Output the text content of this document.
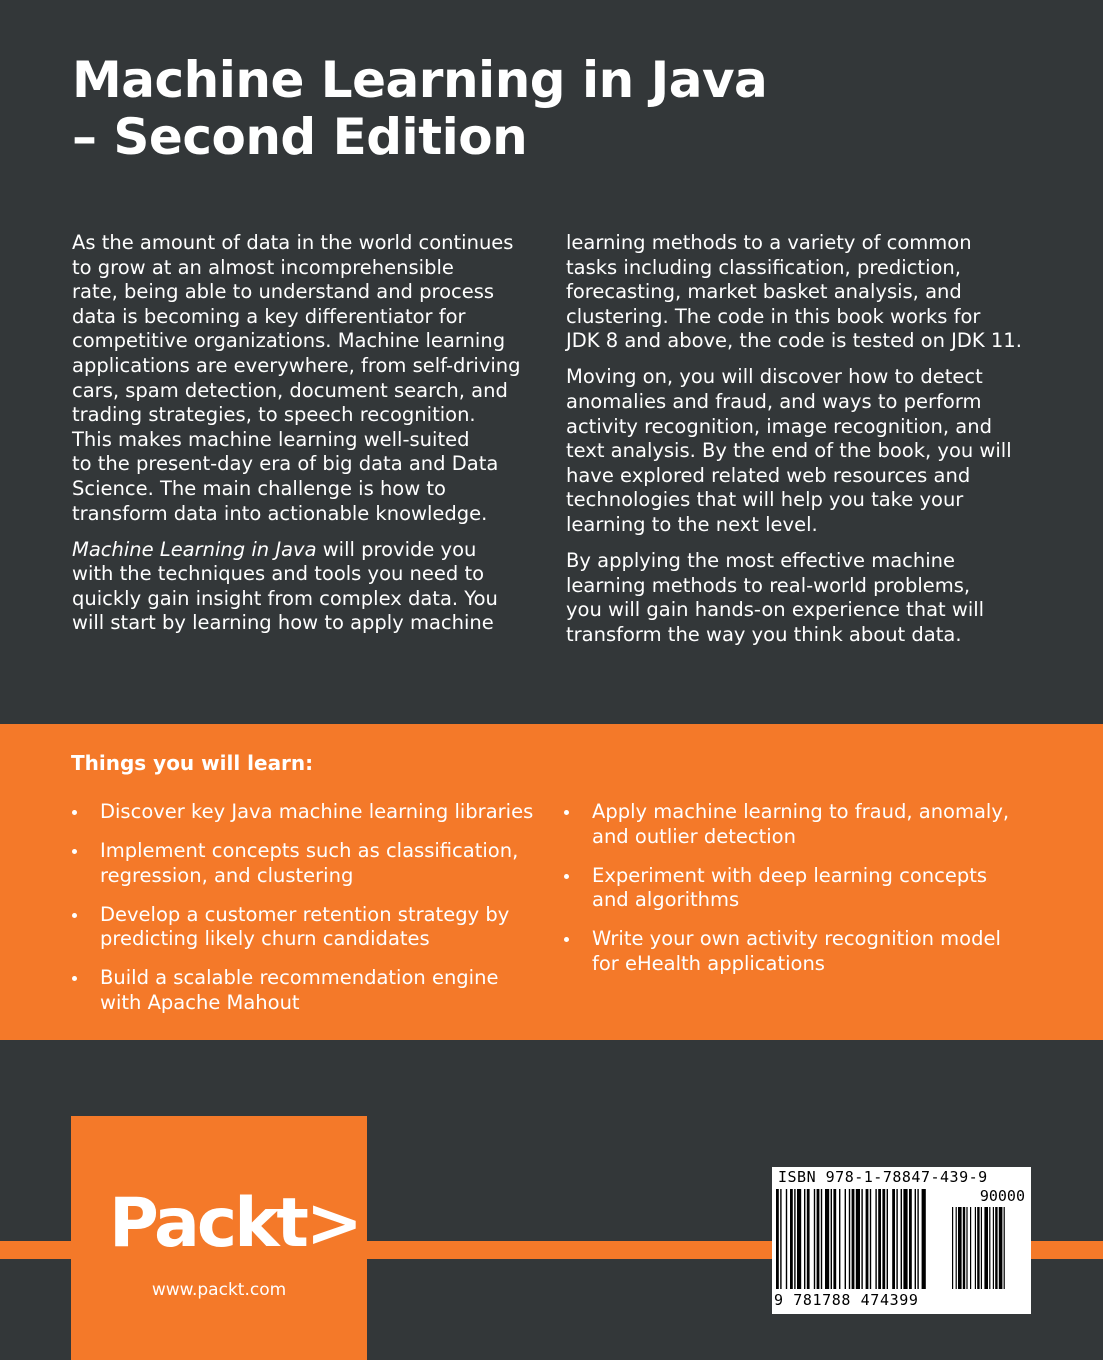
Machine Learning in Java
– Second Edition

As the amount of data in the world continues
to grow at an almost incomprehensible
rate, being able to understand and process
data is becoming a key differentiator for
competitive organizations. Machine learning
applications are everywhere, from self-driving
cars, spam detection, document search, and
trading strategies, to speech recognition.
This makes machine learning well-suited
to the present-day era of big data and Data
Science. The main challenge is how to
transform data into actionable knowledge.

Machine Learning in Java will provide you
with the techniques and tools you need to
quickly gain insight from complex data. You
will start by learning how to apply machine

learning methods to a variety of common
tasks including classification, prediction,
forecasting, market basket analysis, and
clustering. The code in this book works for
JDK 8 and above, the code is tested on JDK 11.

Moving on, you will discover how to detect
anomalies and fraud, and ways to perform
activity recognition, image recognition, and
text analysis. By the end of the book, you will
have explored related web resources and
technologies that will help you take your
learning to the next level.

By applying the most effective machine
learning methods to real-world problems,
you will gain hands-on experience that will
transform the way you think about data.

Things you will learn:
Discover key Java machine learning libraries
Implement concepts such as classification,
regression, and clustering
Develop a customer retention strategy by
predicting likely churn candidates
Build a scalable recommendation engine
with Apache Mahout
Apply machine learning to fraud, anomaly,
and outlier detection
Experiment with deep learning concepts
and algorithms
Write your own activity recognition model
for eHealth applications
Packt>
www.packt.com
ISBN 978-1-78847-439-9
90000
9 781788 474399
